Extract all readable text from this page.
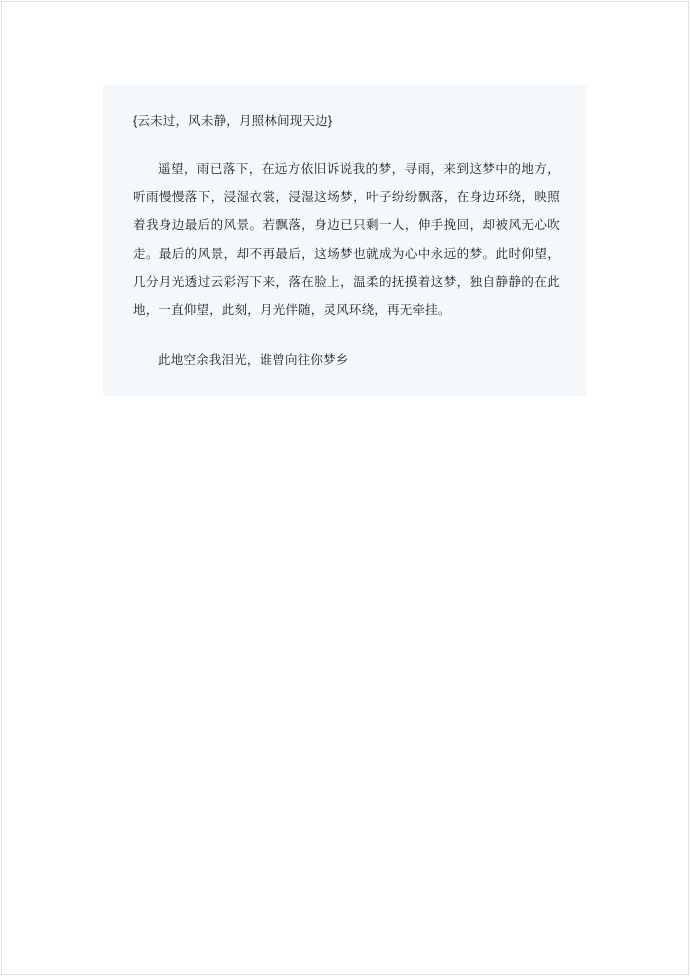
{云未过，风未静，月照林间现天边}

遥望，雨已落下，在远方依旧诉说我的梦，寻雨，来到这梦中的地方，听雨慢慢落下，浸湿衣裳，浸湿这场梦，叶子纷纷飘落，在身边环绕，映照着我身边最后的风景。若飘落，身边已只剩一人，伸手挽回，却被风无心吹走。最后的风景，却不再最后，这场梦也就成为心中永远的梦。此时仰望，几分月光透过云彩泻下来，落在脸上，温柔的抚摸着这梦，独自静静的在此地，一直仰望，此刻，月光伴随，灵风环绕，再无牵挂。

此地空余我泪光，谁曾向往你梦乡
